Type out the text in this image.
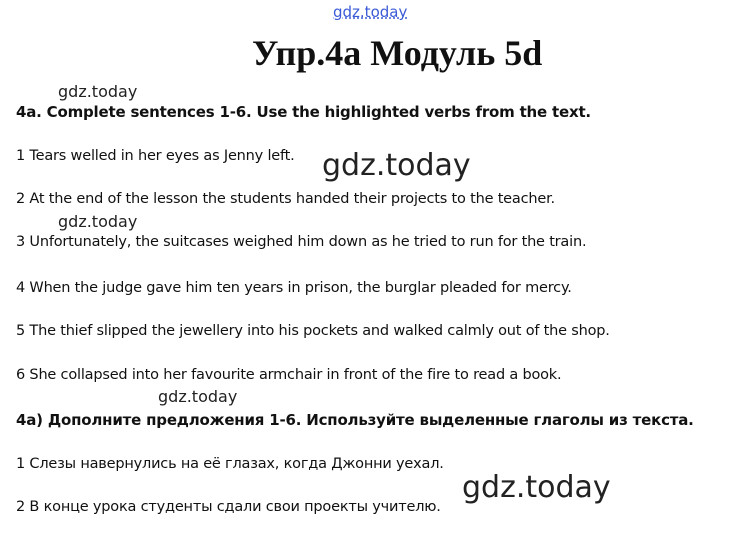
gdz.today
Упр.4а Модуль 5d
gdz.today
4a. Complete sentences 1-6. Use the highlighted verbs from the text.
1 Tears welled in her eyes as Jenny left. gdz.today
2 At the end of the lesson the students handed their projects to the teacher.
gdz.today
3 Unfortunately, the suitcases weighed him down as he tried to run for the train.
4 When the judge gave him ten years in prison, the burglar pleaded for mercy.
5 The thief slipped the jewellery into his pockets and walked calmly out of the shop.
6 She collapsed into her favourite armchair in front of the fire to read a book.
gdz.today
4а) Дополните предложения 1-6. Используйте выделенные глаголы из текста.
1 Слезы навернулись на её глазах, когда Джонни уехал.
gdz.today
2 В конце урока студенты сдали свои проекты учителю.
